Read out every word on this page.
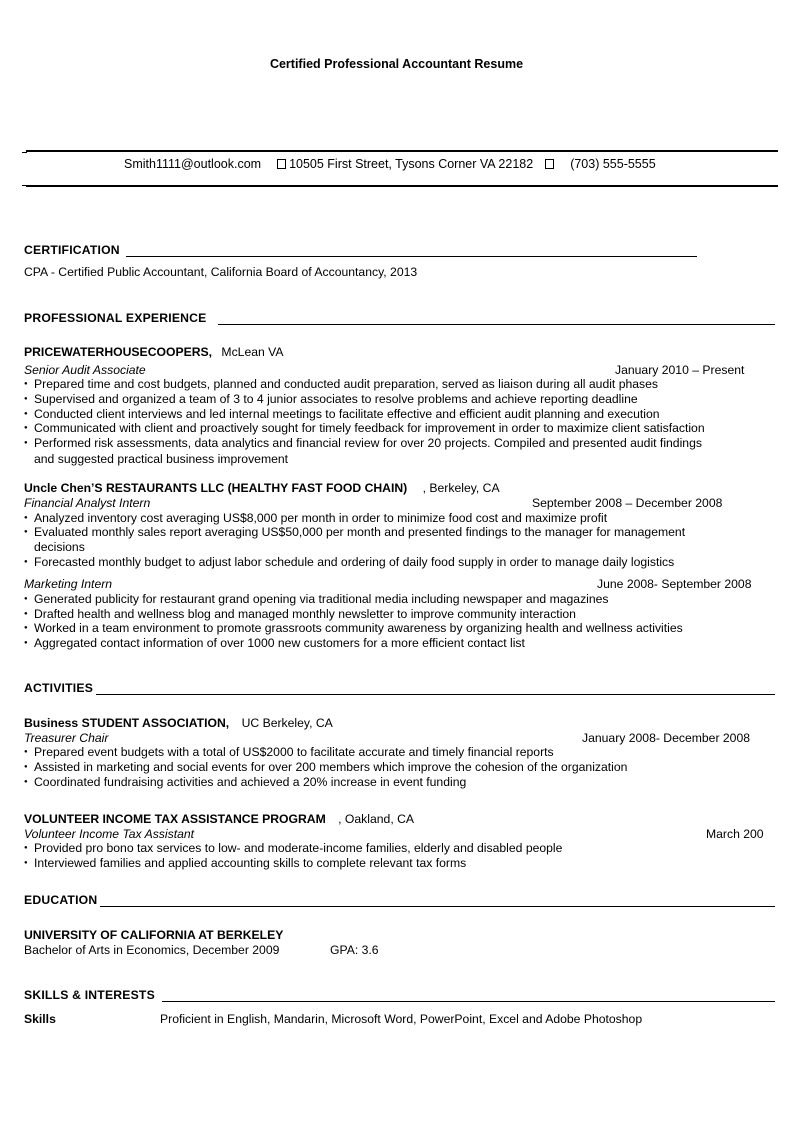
Certified Professional Accountant Resume
Smith1111@outlook.com 10505 First Street, Tysons Corner VA 22182	(703) 555-5555
CERTIFICATION
CPA - Certified Public Accountant, California Board of Accountancy, 2013
PROFESSIONAL EXPERIENCE
PRICEWATERHOUSECOOPERS, McLean VA
Senior Audit Associate	January 2010 – Present
● Prepared time and cost budgets, planned and conducted audit preparation, served as liaison during all audit phases
● Supervised and organized a team of 3 to 4 junior associates to resolve problems and achieve reporting deadline
● Conducted client interviews and led internal meetings to facilitate effective and efficient audit planning and execution
● Communicated with client and proactively sought for timely feedback for improvement in order to maximize client satisfaction
● Performed risk assessments, data analytics and financial review for over 20 projects. Compiled and presented audit findings
and suggested practical business improvement
Uncle Chen’S RESTAURANTS LLC (HEALTHY FAST FOOD CHAIN) , Berkeley, CA
Financial Analyst Intern	September 2008 – December 2008
● Analyzed inventory cost averaging US$8,000 per month in order to minimize food cost and maximize profit
● Evaluated monthly sales report averaging US$50,000 per month and presented findings to the manager for management
decisions
● Forecasted monthly budget to adjust labor schedule and ordering of daily food supply in order to manage daily logistics
Marketing Intern	June 2008- September 2008
● Generated publicity for restaurant grand opening via traditional media including newspaper and magazines
● Drafted health and wellness blog and managed monthly newsletter to improve community interaction
● Worked in a team environment to promote grassroots community awareness by organizing health and wellness activities
● Aggregated contact information of over 1000 new customers for a more efficient contact list
ACTIVITIES
Business STUDENT ASSOCIATION, UC Berkeley, CA
Treasurer Chair	January 2008- December 2008
● Prepared event budgets with a total of US$2000 to facilitate accurate and timely financial reports
● Assisted in marketing and social events for over 200 members which improve the cohesion of the organization
● Coordinated fundraising activities and achieved a 20% increase in event funding
VOLUNTEER INCOME TAX ASSISTANCE PROGRAM , Oakland, CA
Volunteer Income Tax Assistant	March 200
● Provided pro bono tax services to low- and moderate-income families, elderly and disabled people
● Interviewed families and applied accounting skills to complete relevant tax forms
EDUCATION
UNIVERSITY OF CALIFORNIA AT BERKELEY
Bachelor of Arts in Economics, December 2009	GPA: 3.6
SKILLS & INTERESTS
Skills	Proficient in English, Mandarin, Microsoft Word, PowerPoint, Excel and Adobe Photoshop
